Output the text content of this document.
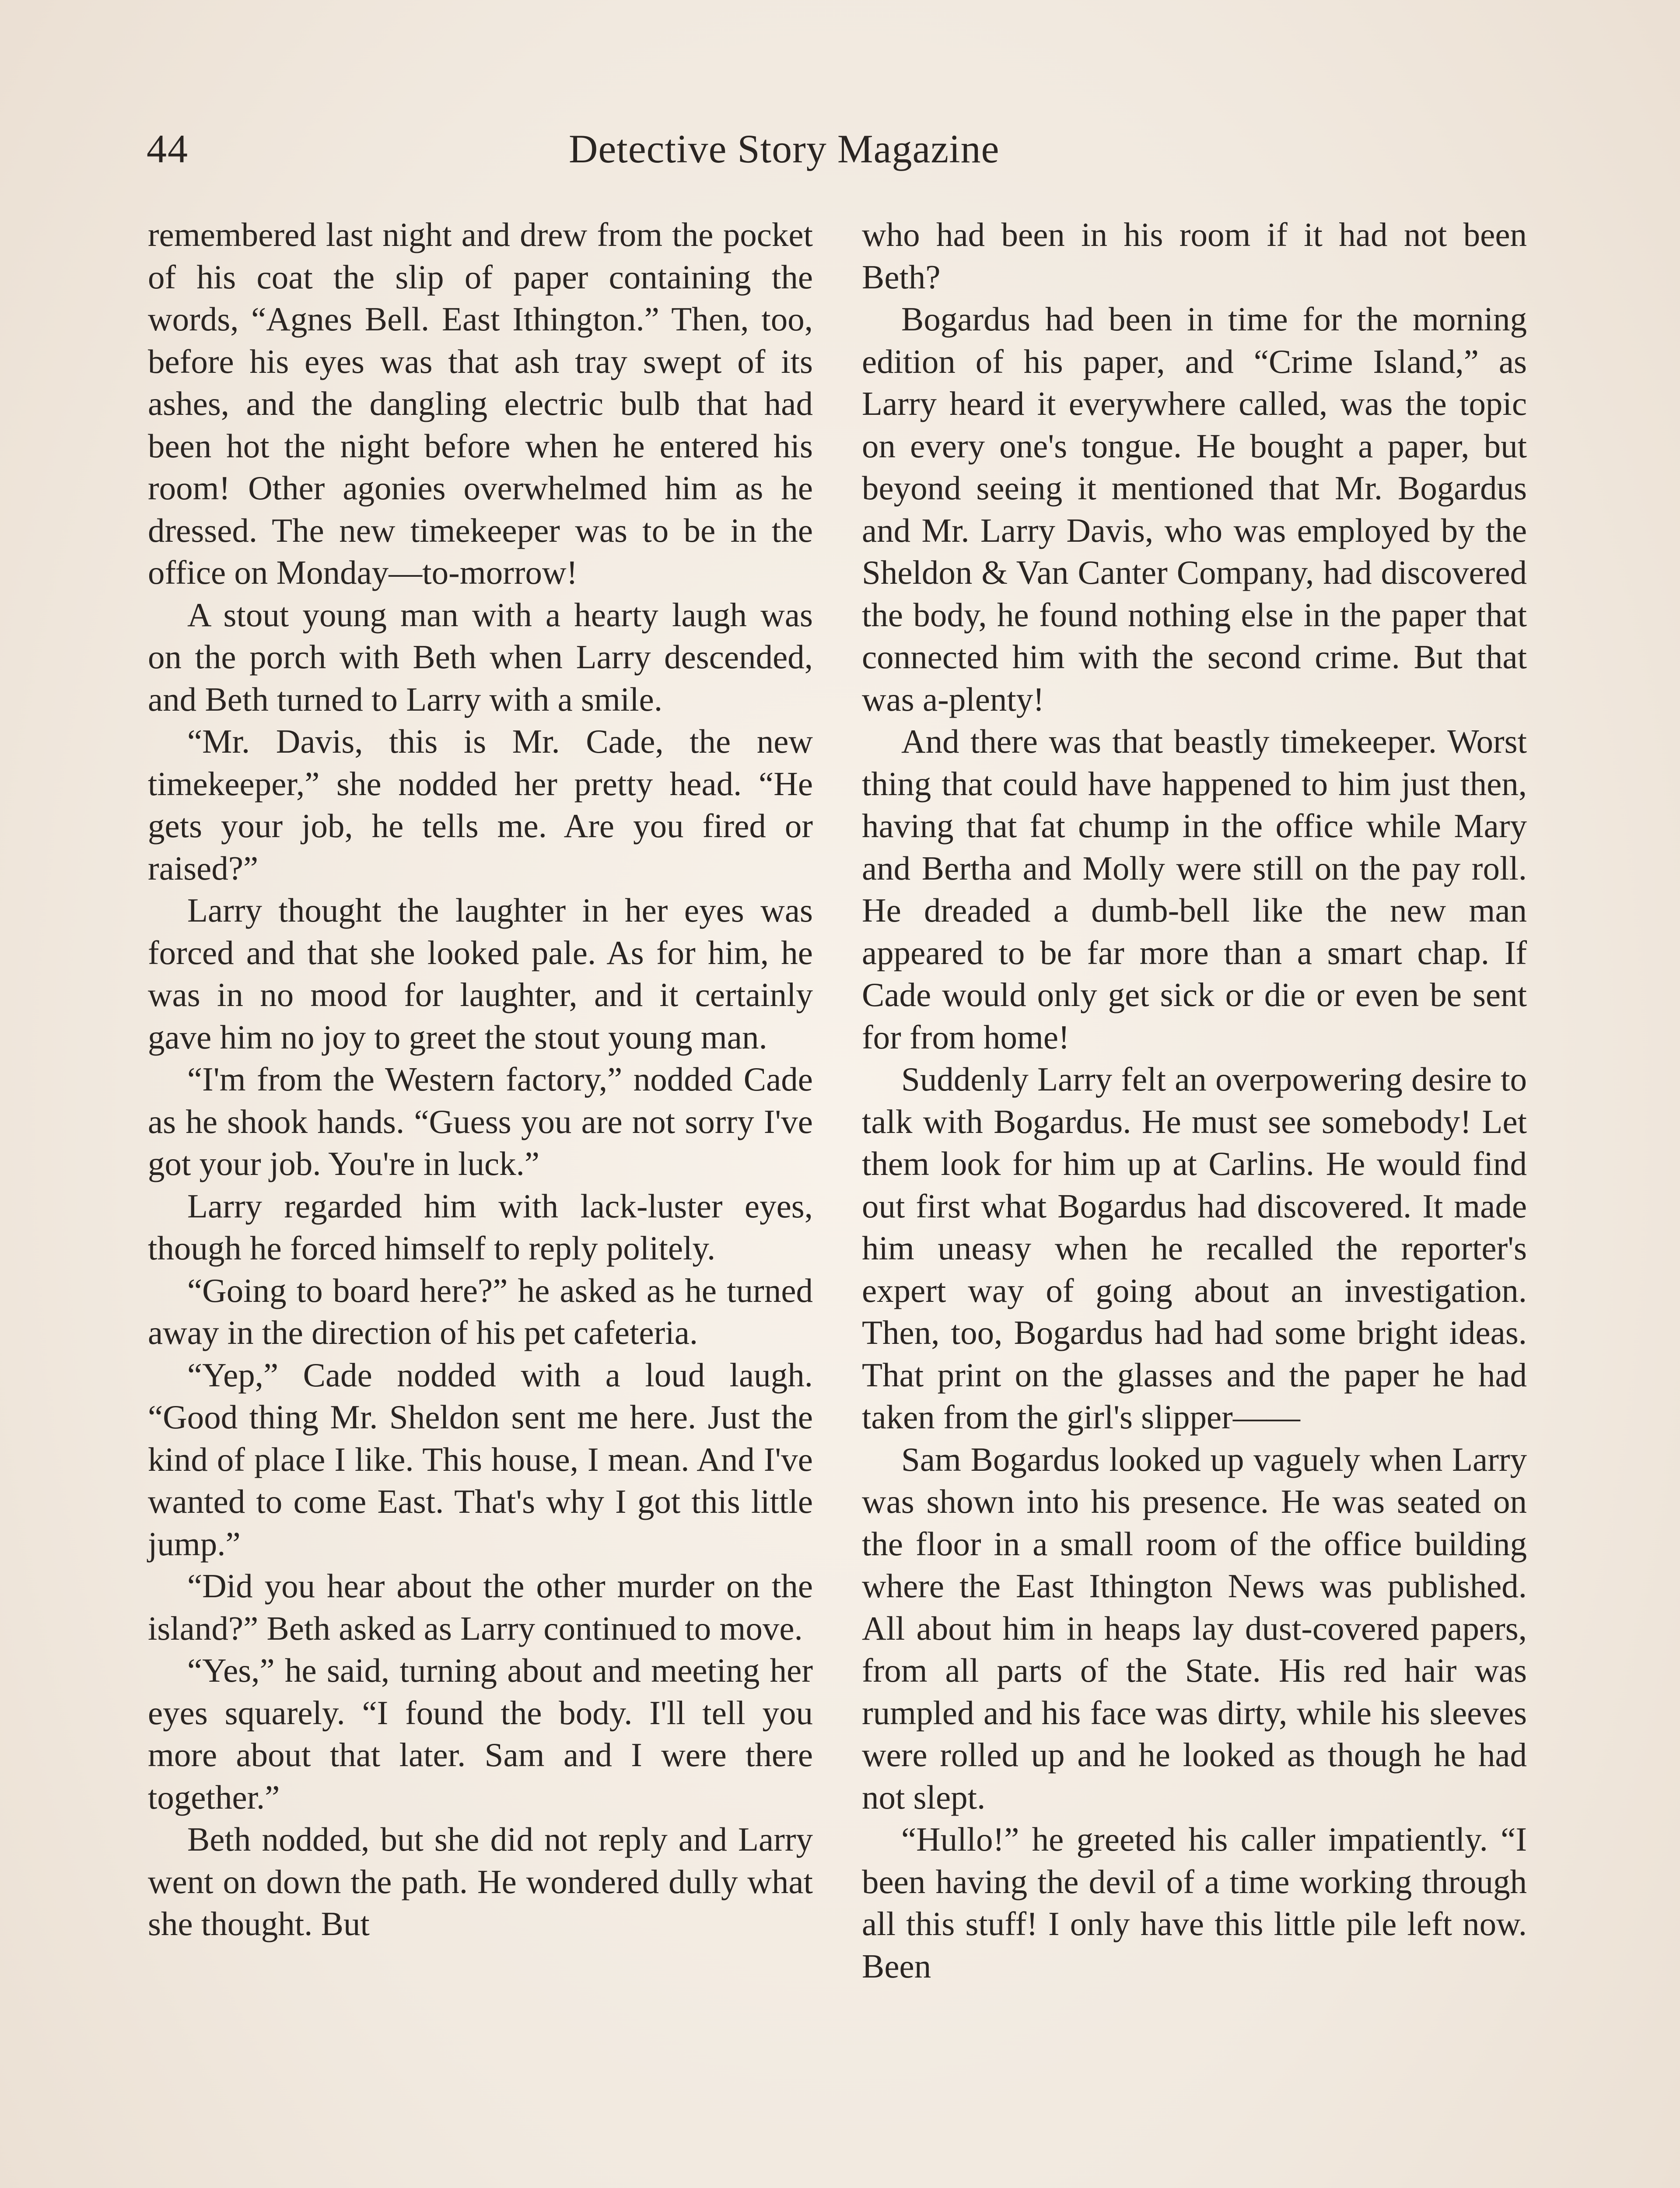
44	Detective Story Magazine

remembered last night and drew from the pocket of his coat the slip of paper containing the words, “Agnes Bell. East Ithington.” Then, too, before his eyes was that ash tray swept of its ashes, and the dangling electric bulb that had been hot the night before when he entered his room! Other agonies overwhelmed him as he dressed. The new timekeeper was to be in the office on Monday—to-morrow!

A stout young man with a hearty laugh was on the porch with Beth when Larry descended, and Beth turned to Larry with a smile.

“Mr. Davis, this is Mr. Cade, the new timekeeper,” she nodded her pretty head. “He gets your job, he tells me. Are you fired or raised?”

Larry thought the laughter in her eyes was forced and that she looked pale. As for him, he was in no mood for laughter, and it certainly gave him no joy to greet the stout young man.

“I'm from the Western factory,” nodded Cade as he shook hands. “Guess you are not sorry I've got your job. You're in luck.”

Larry regarded him with lack-luster eyes, though he forced himself to reply politely.

“Going to board here?” he asked as he turned away in the direction of his pet cafeteria.

“Yep,” Cade nodded with a loud laugh. “Good thing Mr. Sheldon sent me here. Just the kind of place I like. This house, I mean. And I've wanted to come East. That's why I got this little jump.”

“Did you hear about the other murder on the island?” Beth asked as Larry continued to move.

“Yes,” he said, turning about and meeting her eyes squarely. “I found the body. I'll tell you more about that later. Sam and I were there together.”

Beth nodded, but she did not reply and Larry went on down the path. He wondered dully what she thought. But

who had been in his room if it had not been Beth?

Bogardus had been in time for the morning edition of his paper, and “Crime Island,” as Larry heard it everywhere called, was the topic on every one's tongue. He bought a paper, but beyond seeing it mentioned that Mr. Bogardus and Mr. Larry Davis, who was employed by the Sheldon & Van Canter Company, had discovered the body, he found nothing else in the paper that connected him with the second crime. But that was a-plenty!

And there was that beastly timekeeper. Worst thing that could have happened to him just then, having that fat chump in the office while Mary and Bertha and Molly were still on the pay roll. He dreaded a dumb-bell like the new man appeared to be far more than a smart chap. If Cade would only get sick or die or even be sent for from home!

Suddenly Larry felt an overpowering desire to talk with Bogardus. He must see somebody! Let them look for him up at Carlins. He would find out first what Bogardus had discovered. It made him uneasy when he recalled the reporter's expert way of going about an investigation. Then, too, Bogardus had had some bright ideas. That print on the glasses and the paper he had taken from the girl's slipper——

Sam Bogardus looked up vaguely when Larry was shown into his presence. He was seated on the floor in a small room of the office building where the East Ithington News was published. All about him in heaps lay dust-covered papers, from all parts of the State. His red hair was rumpled and his face was dirty, while his sleeves were rolled up and he looked as though he had not slept.

“Hullo!” he greeted his caller impatiently. “I been having the devil of a time working through all this stuff! I only have this little pile left now. Been
